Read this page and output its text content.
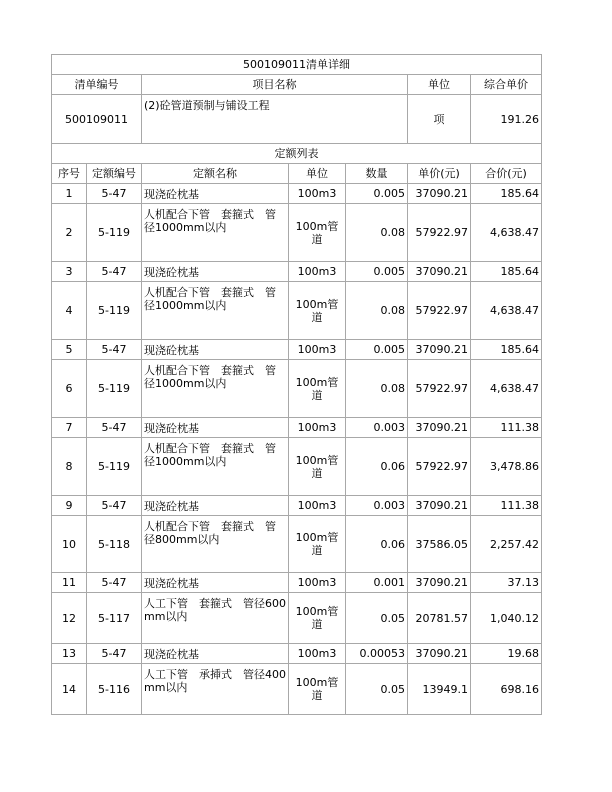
500109011清单详细						
清单编号		项目名称			单位	综合单价
500109011		(2)砼管道预制与铺设工程			项	191.26
定额列表						
序号	定额编号	定额名称	单位	数量	单价(元)	合价(元)
1	5-47	现浇砼枕基	100m3	0.005	37090.21	185.64
2	5-119	人机配合下管　套箍式　管径1000mm以内	100m管道	0.08	57922.97	4,638.47
3	5-47	现浇砼枕基	100m3	0.005	37090.21	185.64
4	5-119	人机配合下管　套箍式　管径1000mm以内	100m管道	0.08	57922.97	4,638.47
5	5-47	现浇砼枕基	100m3	0.005	37090.21	185.64
6	5-119	人机配合下管　套箍式　管径1000mm以内	100m管道	0.08	57922.97	4,638.47
7	5-47	现浇砼枕基	100m3	0.003	37090.21	111.38
8	5-119	人机配合下管　套箍式　管径1000mm以内	100m管道	0.06	57922.97	3,478.86
9	5-47	现浇砼枕基	100m3	0.003	37090.21	111.38
10	5-118	人机配合下管　套箍式　管径800mm以内	100m管道	0.06	37586.05	2,257.42
11	5-47	现浇砼枕基	100m3	0.001	37090.21	37.13
12	5-117	人工下管　套箍式　管径600mm以内	100m管道	0.05	20781.57	1,040.12
13	5-47	现浇砼枕基	100m3	0.00053	37090.21	19.68
14	5-116	人工下管　承揷式　管径400mm以内	100m管道	0.05	13949.1	698.16
